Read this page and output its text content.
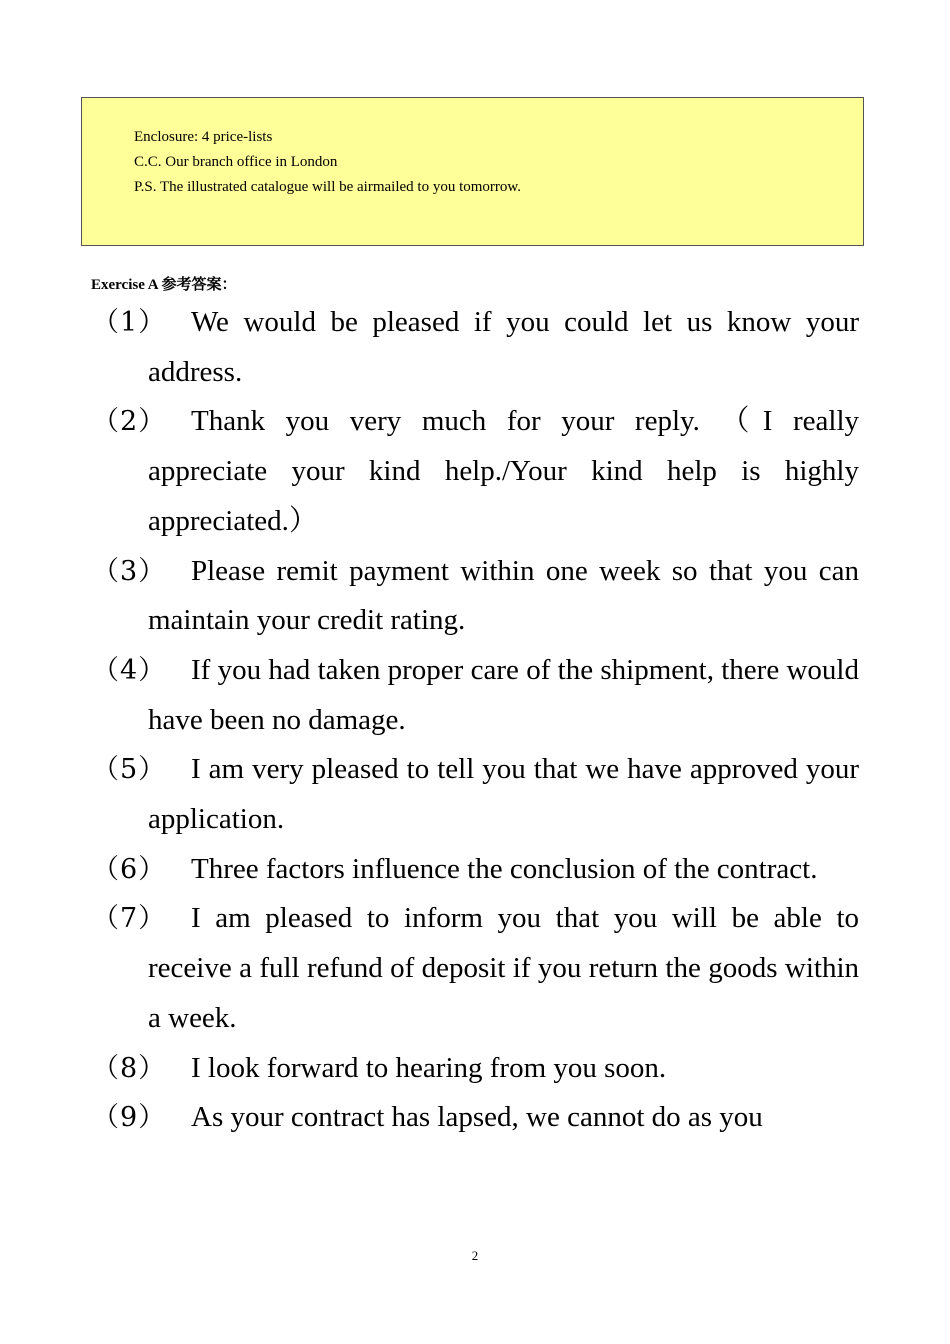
Enclosure: 4 price-lists
C.C. Our branch office in London
P.S. The illustrated catalogue will be airmailed to you tomorrow.
Exercise A 参考答案：
（1） We would be pleased if you could let us know your address.
（2） Thank you very much for your reply. （I really appreciate your kind help./Your kind help is highly appreciated.）
（3） Please remit payment within one week so that you can maintain your credit rating.
（4） If you had taken proper care of the shipment, there would have been no damage.
（5） I am very pleased to tell you that we have approved your application.
（6） Three factors influence the conclusion of the contract.
（7） I am pleased to inform you that you will be able to receive a full refund of deposit if you return the goods within a week.
（8） I look forward to hearing from you soon.
（9） As your contract has lapsed, we cannot do as you
2
